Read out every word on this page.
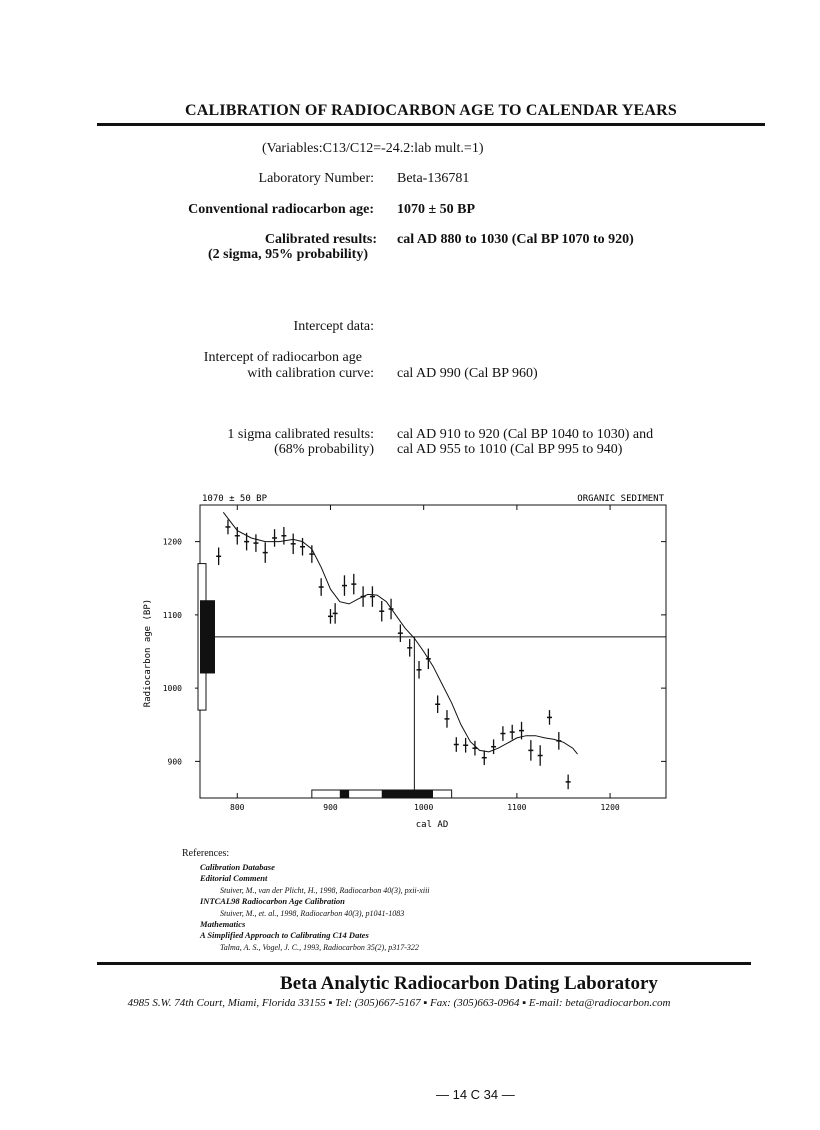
CALIBRATION OF RADIOCARBON AGE TO CALENDAR YEARS
(Variables:C13/C12=-24.2:lab mult.=1)
Laboratory Number: Beta-136781
Conventional radiocarbon age: 1070 ± 50 BP
Calibrated results:
(2 sigma, 95% probability)
cal AD 880 to 1030 (Cal BP 1070 to 920)
Intercept data:
Intercept of radiocarbon age
with calibration curve: cal AD 990 (Cal BP 960)
1 sigma calibrated results:
(68% probability)
cal AD 910 to 920 (Cal BP 1040 to 1030) and
cal AD 955 to 1010 (Cal BP 995 to 940)
1070 ± 50 BP	ORGANIC SEDIMENT
cal AD
Radiocarbon age (BP)
800	900	1000	1100	1200
900
1000
1100
1200
References:
Calibration Database
Editorial Comment
Stuiver, M., van der Plicht, H., 1998, Radiocarbon 40(3), pxii-xiii
INTCAL98 Radiocarbon Age Calibration
Stuiver, M., et. al., 1998, Radiocarbon 40(3), p1041-1083
Mathematics
A Simplified Approach to Calibrating C14 Dates
Talma, A. S., Vogel, J. C., 1993, Radiocarbon 35(2), p317-322
Beta Analytic Radiocarbon Dating Laboratory
4985 S.W. 74th Court, Miami, Florida 33155 ▪ Tel: (305)667-5167 ▪ Fax: (305)663-0964 ▪ E-mail: beta@radiocarbon.com
— 14 C 34 —
